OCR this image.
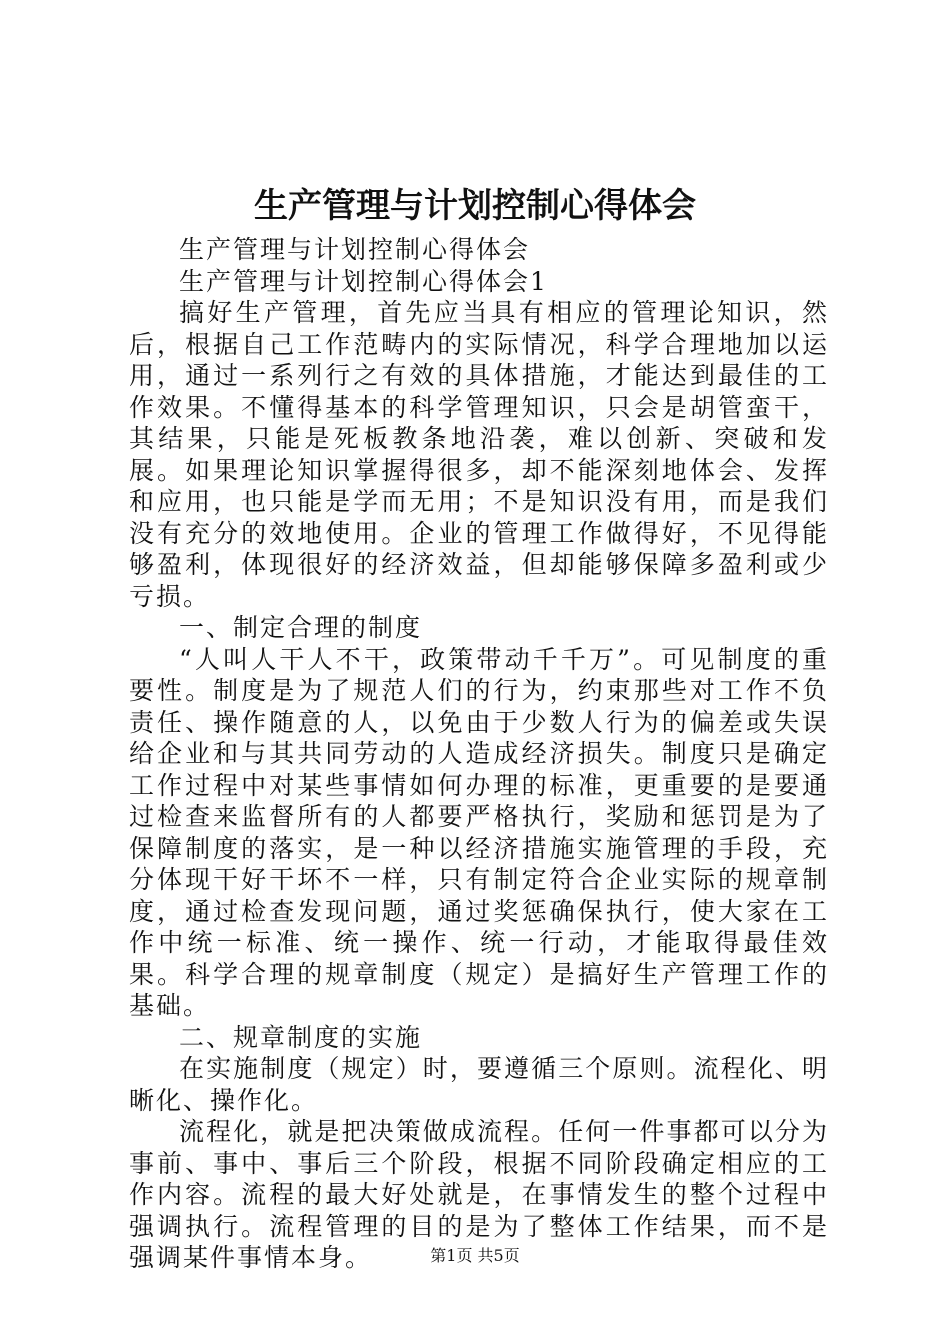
生产管理与计划控制心得体会

生产管理与计划控制心得体会

生产管理与计划控制心得体会1

搞好生产管理，首先应当具有相应的管理论知识，然后，根据自己工作范畴内的实际情况，科学合理地加以运用，通过一系列行之有效的具体措施，才能达到最佳的工作效果。不懂得基本的科学管理知识，只会是胡管蛮干，其结果，只能是死板教条地沿袭，难以创新、突破和发展。如果理论知识掌握得很多，却不能深刻地体会、发挥和应用，也只能是学而无用；不是知识没有用，而是我们没有充分的效地使用。企业的管理工作做得好，不见得能够盈利，体现很好的经济效益，但却能够保障多盈利或少亏损。

一、制定合理的制度

“人叫人干人不干，政策带动千千万”。可见制度的重要性。制度是为了规范人们的行为，约束那些对工作不负责任、操作随意的人，以免由于少数人行为的偏差或失误给企业和与其共同劳动的人造成经济损失。制度只是确定工作过程中对某些事情如何办理的标准，更重要的是要通过检查来监督所有的人都要严格执行，奖励和惩罚是为了保障制度的落实，是一种以经济措施实施管理的手段，充分体现干好干坏不一样，只有制定符合企业实际的规章制度，通过检查发现问题，通过奖惩确保执行，使大家在工作中统一标准、统一操作、统一行动，才能取得最佳效果。科学合理的规章制度（规定）是搞好生产管理工作的基础。

二、规章制度的实施

在实施制度（规定）时，要遵循三个原则。流程化、明晰化、操作化。

流程化，就是把决策做成流程。任何一件事都可以分为事前、事中、事后三个阶段，根据不同阶段确定相应的工作内容。流程的最大好处就是，在事情发生的整个过程中强调执行。流程管理的目的是为了整体工作结果，而不是强调某件事情本身。	第1页 共5页
